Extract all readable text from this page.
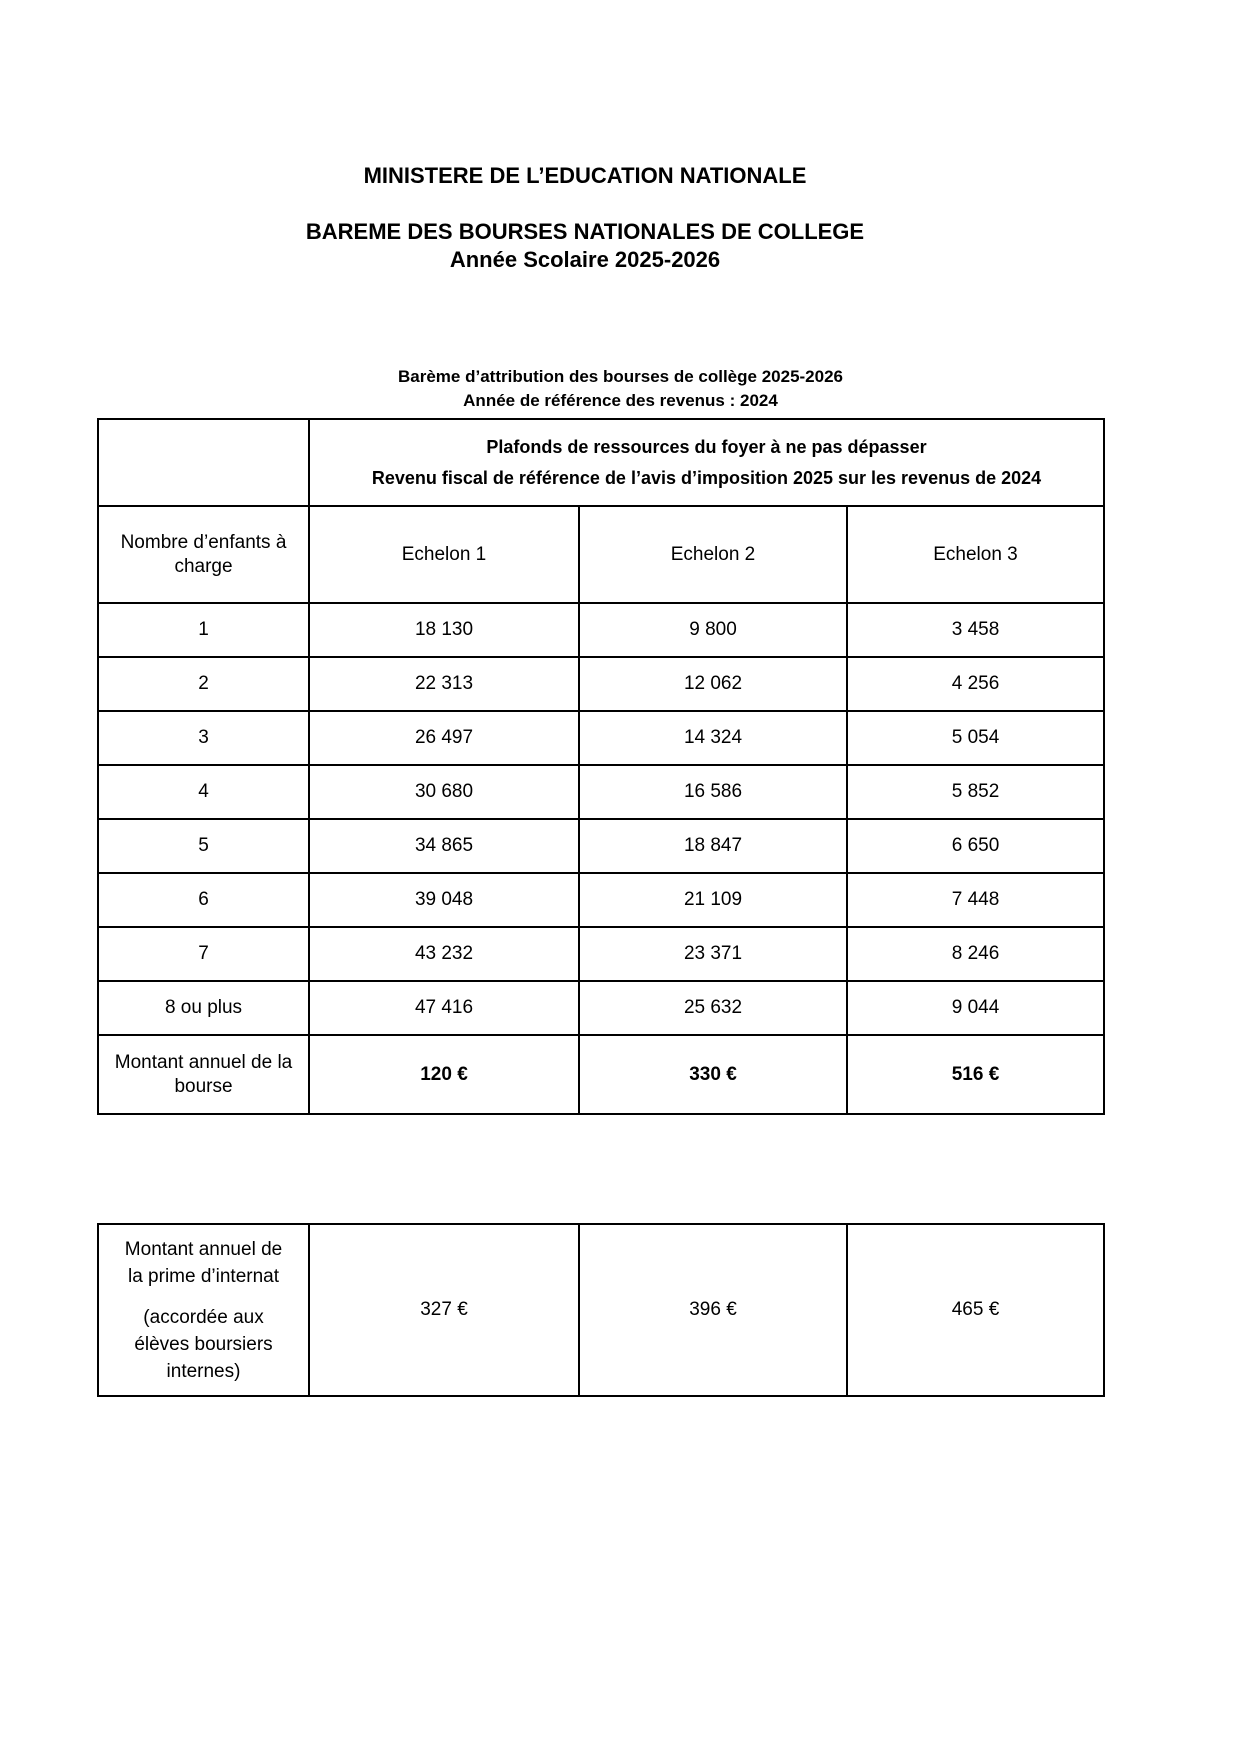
MINISTERE DE L’EDUCATION NATIONALE
BAREME DES BOURSES NATIONALES DE COLLEGE
Année Scolaire 2025-2026
Barème d’attribution des bourses de collège 2025-2026
Année de référence des revenus : 2024

	Plafonds de ressources du foyer à ne pas dépasser
Revenu fiscal de référence de l’avis d’imposition 2025 sur les revenus de 2024		

Nombre d’enfants à
charge	Echelon 1	Echelon 2	Echelon 3
1	18 130	9 800	3 458
2	22 313	12 062	4 256
3	26 497	14 324	5 054
4	30 680	16 586	5 852
5	34 865	18 847	6 650
6	39 048	21 109	7 448
7	43 232	23 371	8 246
8 ou plus	47 416	25 632	9 044

Montant annuel de la
bourse	120 €	330 €	516 €
Montant annuel de
la prime d’internat
(accordée aux
élèves boursiers
internes)
	327 €	396 €	465 €
